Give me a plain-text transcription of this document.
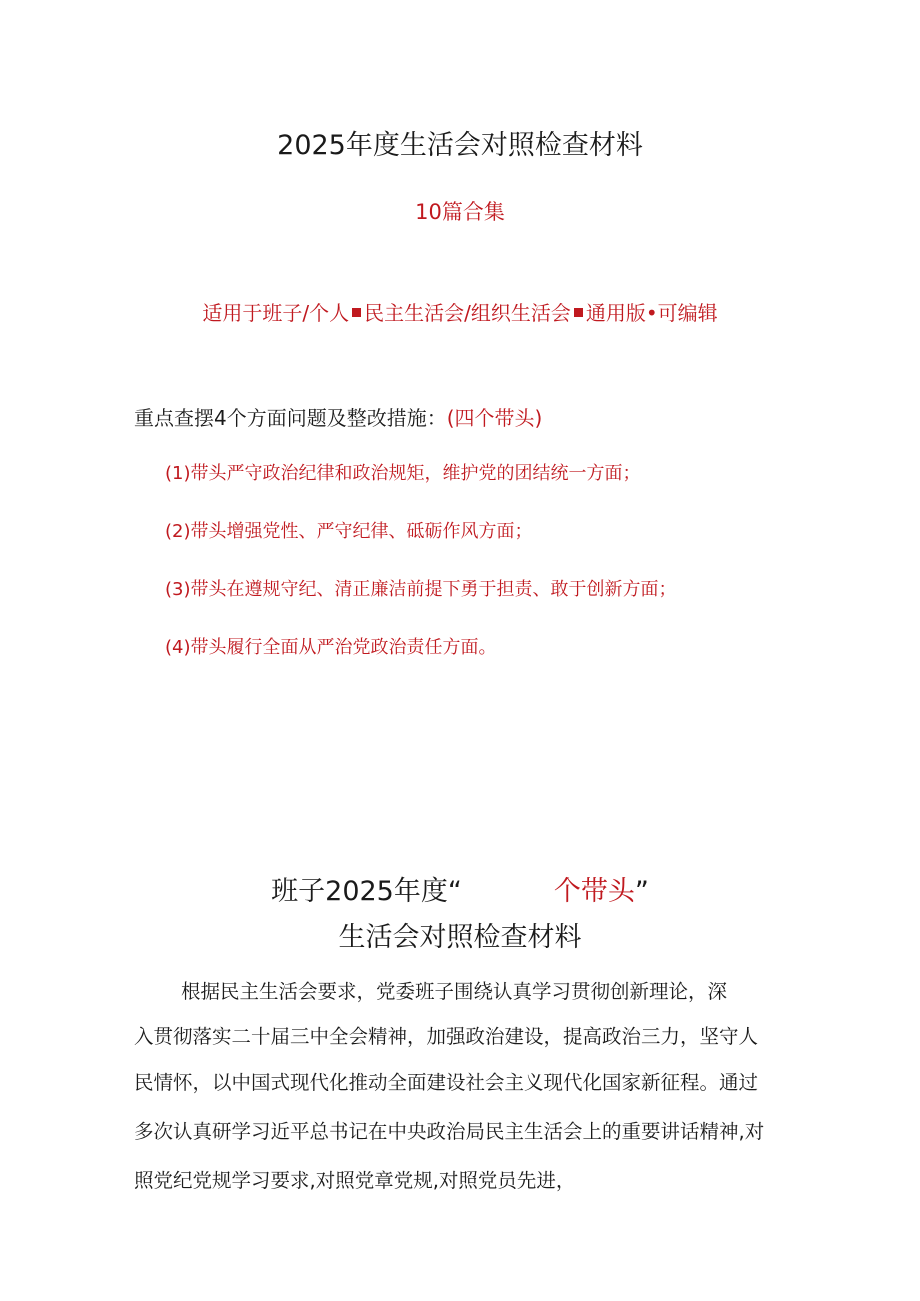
2025年度生活会对照检查材料
10篇合集
适用于班子/个人 民主生活会/组织生活会 通用版•可编辑
重点查摆4个方面问题及整改措施：(四个带头)
(1)带头严守政治纪律和政治规矩，维护党的团结统一方面；
(2)带头增强党性、严守纪律、砥砺作风方面；
(3)带头在遵规守纪、清正廉洁前提下勇于担责、敢于创新方面；
(4)带头履行全面从严治党政治责任方面。
班子2025年度“	个带头”
生活会对照检查材料
根据民主生活会要求，党委班子围绕认真学习贯彻创新理论，深
入贯彻落实二十届三中全会精神，加强政治建设，提高政治三力，坚守人
民情怀，以中国式现代化推动全面建设社会主义现代化国家新征程。通过
多次认真研学习近平总书记在中央政治局民主生活会上的重要讲话精神,对
照党纪党规学习要求,对照党章党规,对照党员先进，
